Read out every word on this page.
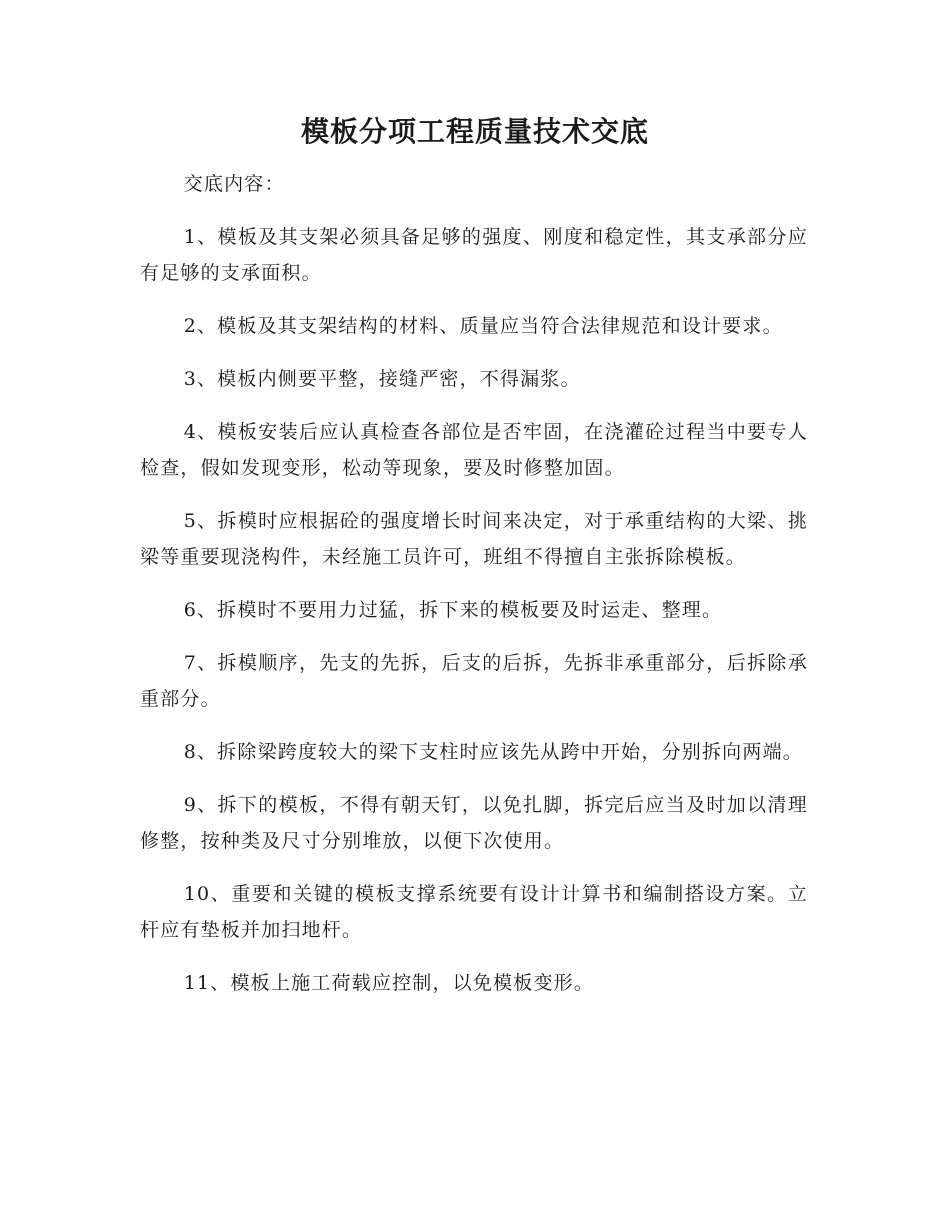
模板分项工程质量技术交底

交底内容：

1、模板及其支架必须具备足够的强度、刚度和稳定性，其支承部分应有足够的支承面积。

2、模板及其支架结构的材料、质量应当符合法律规范和设计要求。

3、模板内侧要平整，接缝严密，不得漏浆。

4、模板安装后应认真检查各部位是否牢固，在浇灌砼过程当中要专人检查，假如发现变形，松动等现象，要及时修整加固。

5、拆模时应根据砼的强度增长时间来决定，对于承重结构的大梁、挑梁等重要现浇构件，未经施工员许可，班组不得擅自主张拆除模板。

6、拆模时不要用力过猛，拆下来的模板要及时运走、整理。

7、拆模顺序，先支的先拆，后支的后拆，先拆非承重部分，后拆除承重部分。

8、拆除梁跨度较大的梁下支柱时应该先从跨中开始，分别拆向两端。

9、拆下的模板，不得有朝天钉，以免扎脚，拆完后应当及时加以清理修整，按种类及尺寸分别堆放，以便下次使用。

10、重要和关键的模板支撑系统要有设计计算书和编制搭设方案。立杆应有垫板并加扫地杆。

11、模板上施工荷载应控制，以免模板变形。
